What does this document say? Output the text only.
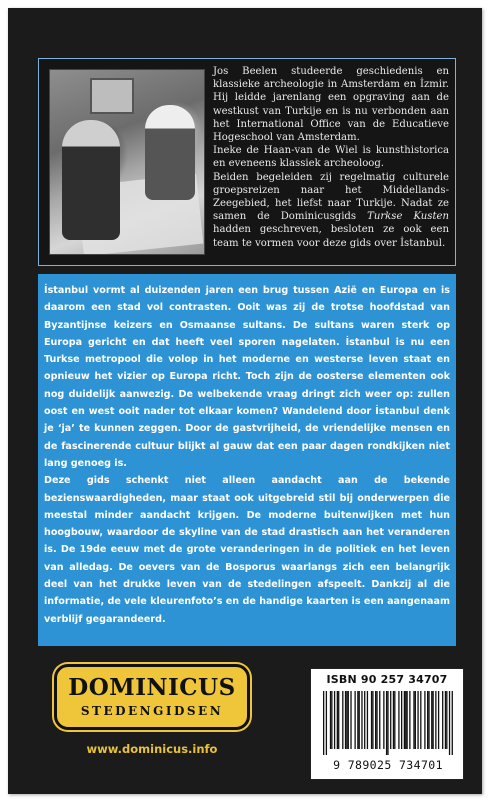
Jos Beelen studeerde geschiedenis en klassieke archeologie in Amsterdam en İzmir. Hij leidde jarenlang een opgraving aan de westkust van Turkije en is nu verbonden aan het International Office van de Educatieve Hogeschool van Amsterdam.

Ineke de Haan-van de Wiel is kunsthistorica en eveneens klassiek archeoloog.

Beiden begeleiden zij regelmatig culturele groepsreizen naar het Middellands-Zeegebied, het liefst naar Turkije. Nadat ze samen de Dominicusgids Turkse Kusten hadden geschreven, besloten ze ook een team te vormen voor deze gids over İstanbul.

İstanbul vormt al duizenden jaren een brug tussen Azië en Europa en is daarom een stad vol contrasten. Ooit was zij de trotse hoofdstad van Byzantijnse keizers en Osmaanse sultans. De sultans waren sterk op Europa gericht en dat heeft veel sporen nagelaten. İstanbul is nu een Turkse metropool die volop in het moderne en westerse leven staat en opnieuw het vizier op Europa richt. Toch zijn de oosterse elementen ook nog duidelijk aanwezig. De welbekende vraag dringt zich weer op: zullen oost en west ooit nader tot elkaar komen? Wandelend door İstanbul denk je ‘ja’ te kunnen zeggen. Door de gastvrijheid, de vriendelijke mensen en de fascinerende cultuur blijkt al gauw dat een paar dagen rondkijken niet lang genoeg is.

Deze gids schenkt niet alleen aandacht aan de bekende bezienswaardigheden, maar staat ook uitgebreid stil bij onderwerpen die meestal minder aandacht krijgen. De moderne buitenwijken met hun hoogbouw, waardoor de skyline van de stad drastisch aan het veranderen is. De 19de eeuw met de grote veranderingen in de politiek en het leven van alledag. De oevers van de Bosporus waarlangs zich een belangrijk deel van het drukke leven van de stedelingen afspeelt. Dankzij al die informatie, de vele kleurenfoto’s en de handige kaarten is een aangenaam verblijf gegarandeerd.

DOMINICUS
STEDENGIDSEN
www.dominicus.info
ISBN 90 257 34707
9 789025 734701
